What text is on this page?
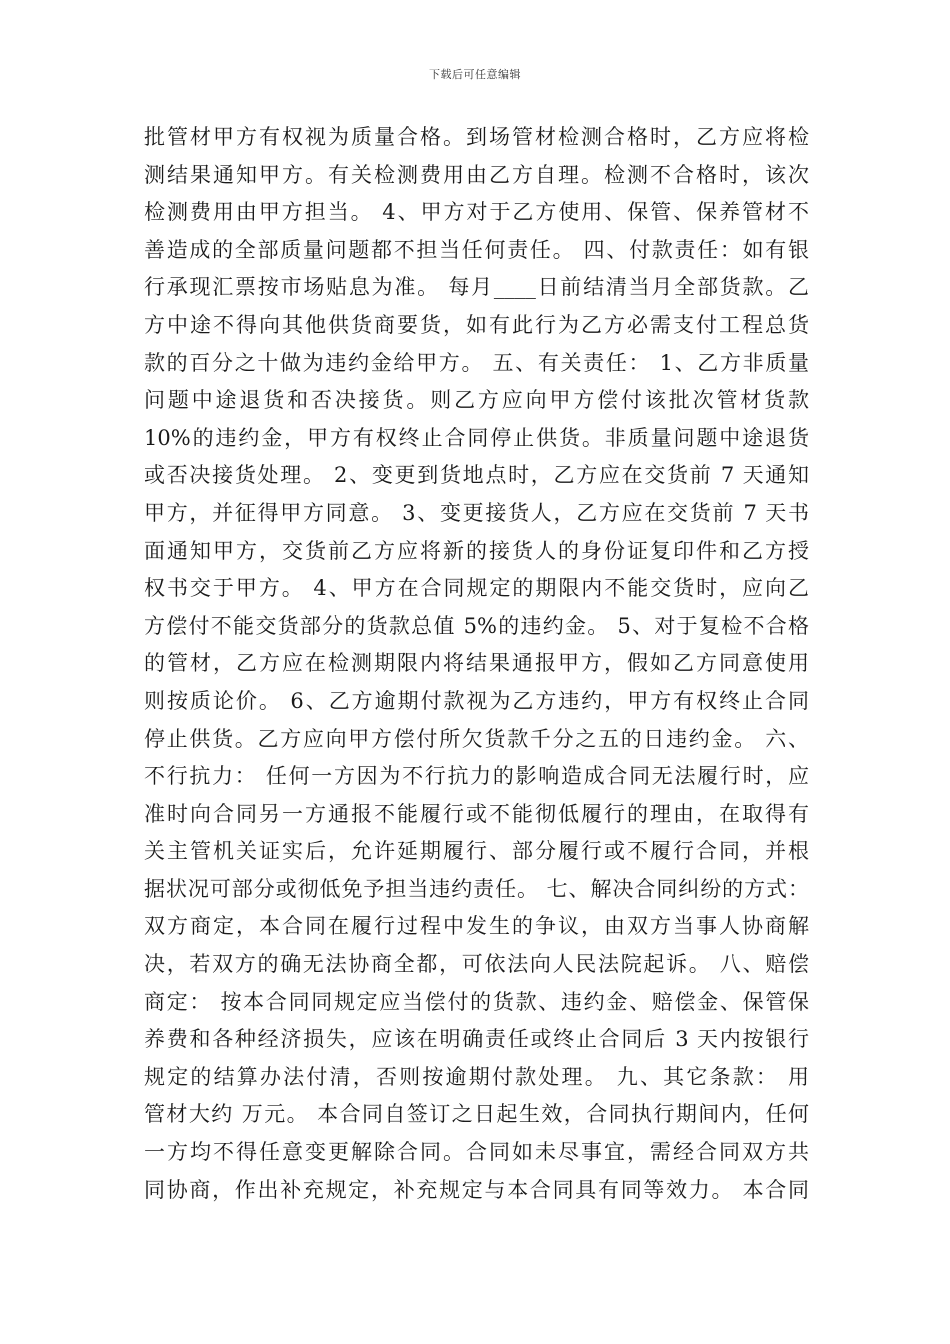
下载后可任意编辑
批管材甲方有权视为质量合格。到场管材检测合格时，乙方应将检
测结果通知甲方。有关检测费用由乙方自理。检测不合格时，该次
检测费用由甲方担当。 4、甲方对于乙方使用、保管、保养管材不
善造成的全部质量问题都不担当任何责任。 四、付款责任：如有银
行承现汇票按市场贴息为准。 每月____日前结清当月全部货款。乙
方中途不得向其他供货商要货，如有此行为乙方必需支付工程总货
款的百分之十做为违约金给甲方。 五、有关责任： 1、乙方非质量
问题中途退货和否决接货。则乙方应向甲方偿付该批次管材货款
10%的违约金，甲方有权终止合同停止供货。非质量问题中途退货
或否决接货处理。 2、变更到货地点时，乙方应在交货前 7 天通知
甲方，并征得甲方同意。 3、变更接货人，乙方应在交货前 7 天书
面通知甲方，交货前乙方应将新的接货人的身份证复印件和乙方授
权书交于甲方。 4、甲方在合同规定的期限内不能交货时，应向乙
方偿付不能交货部分的货款总值 5%的违约金。 5、对于复检不合格
的管材，乙方应在检测期限内将结果通报甲方，假如乙方同意使用
则按质论价。 6、乙方逾期付款视为乙方违约，甲方有权终止合同
停止供货。乙方应向甲方偿付所欠货款千分之五的日违约金。 六、
不行抗力： 任何一方因为不行抗力的影响造成合同无法履行时，应
准时向合同另一方通报不能履行或不能彻低履行的理由，在取得有
关主管机关证实后，允许延期履行、部分履行或不履行合同，并根
据状况可部分或彻低免予担当违约责任。 七、解决合同纠纷的方式：
双方商定，本合同在履行过程中发生的争议，由双方当事人协商解
决，若双方的确无法协商全都，可依法向人民法院起诉。 八、赔偿
商定： 按本合同同规定应当偿付的货款、违约金、赔偿金、保管保
养费和各种经济损失，应该在明确责任或终止合同后 3 天内按银行
规定的结算办法付清，否则按逾期付款处理。 九、其它条款： 用
管材大约 万元。 本合同自签订之日起生效，合同执行期间内，任何
一方均不得任意变更解除合同。合同如未尽事宜，需经合同双方共
同协商，作出补充规定，补充规定与本合同具有同等效力。 本合同
